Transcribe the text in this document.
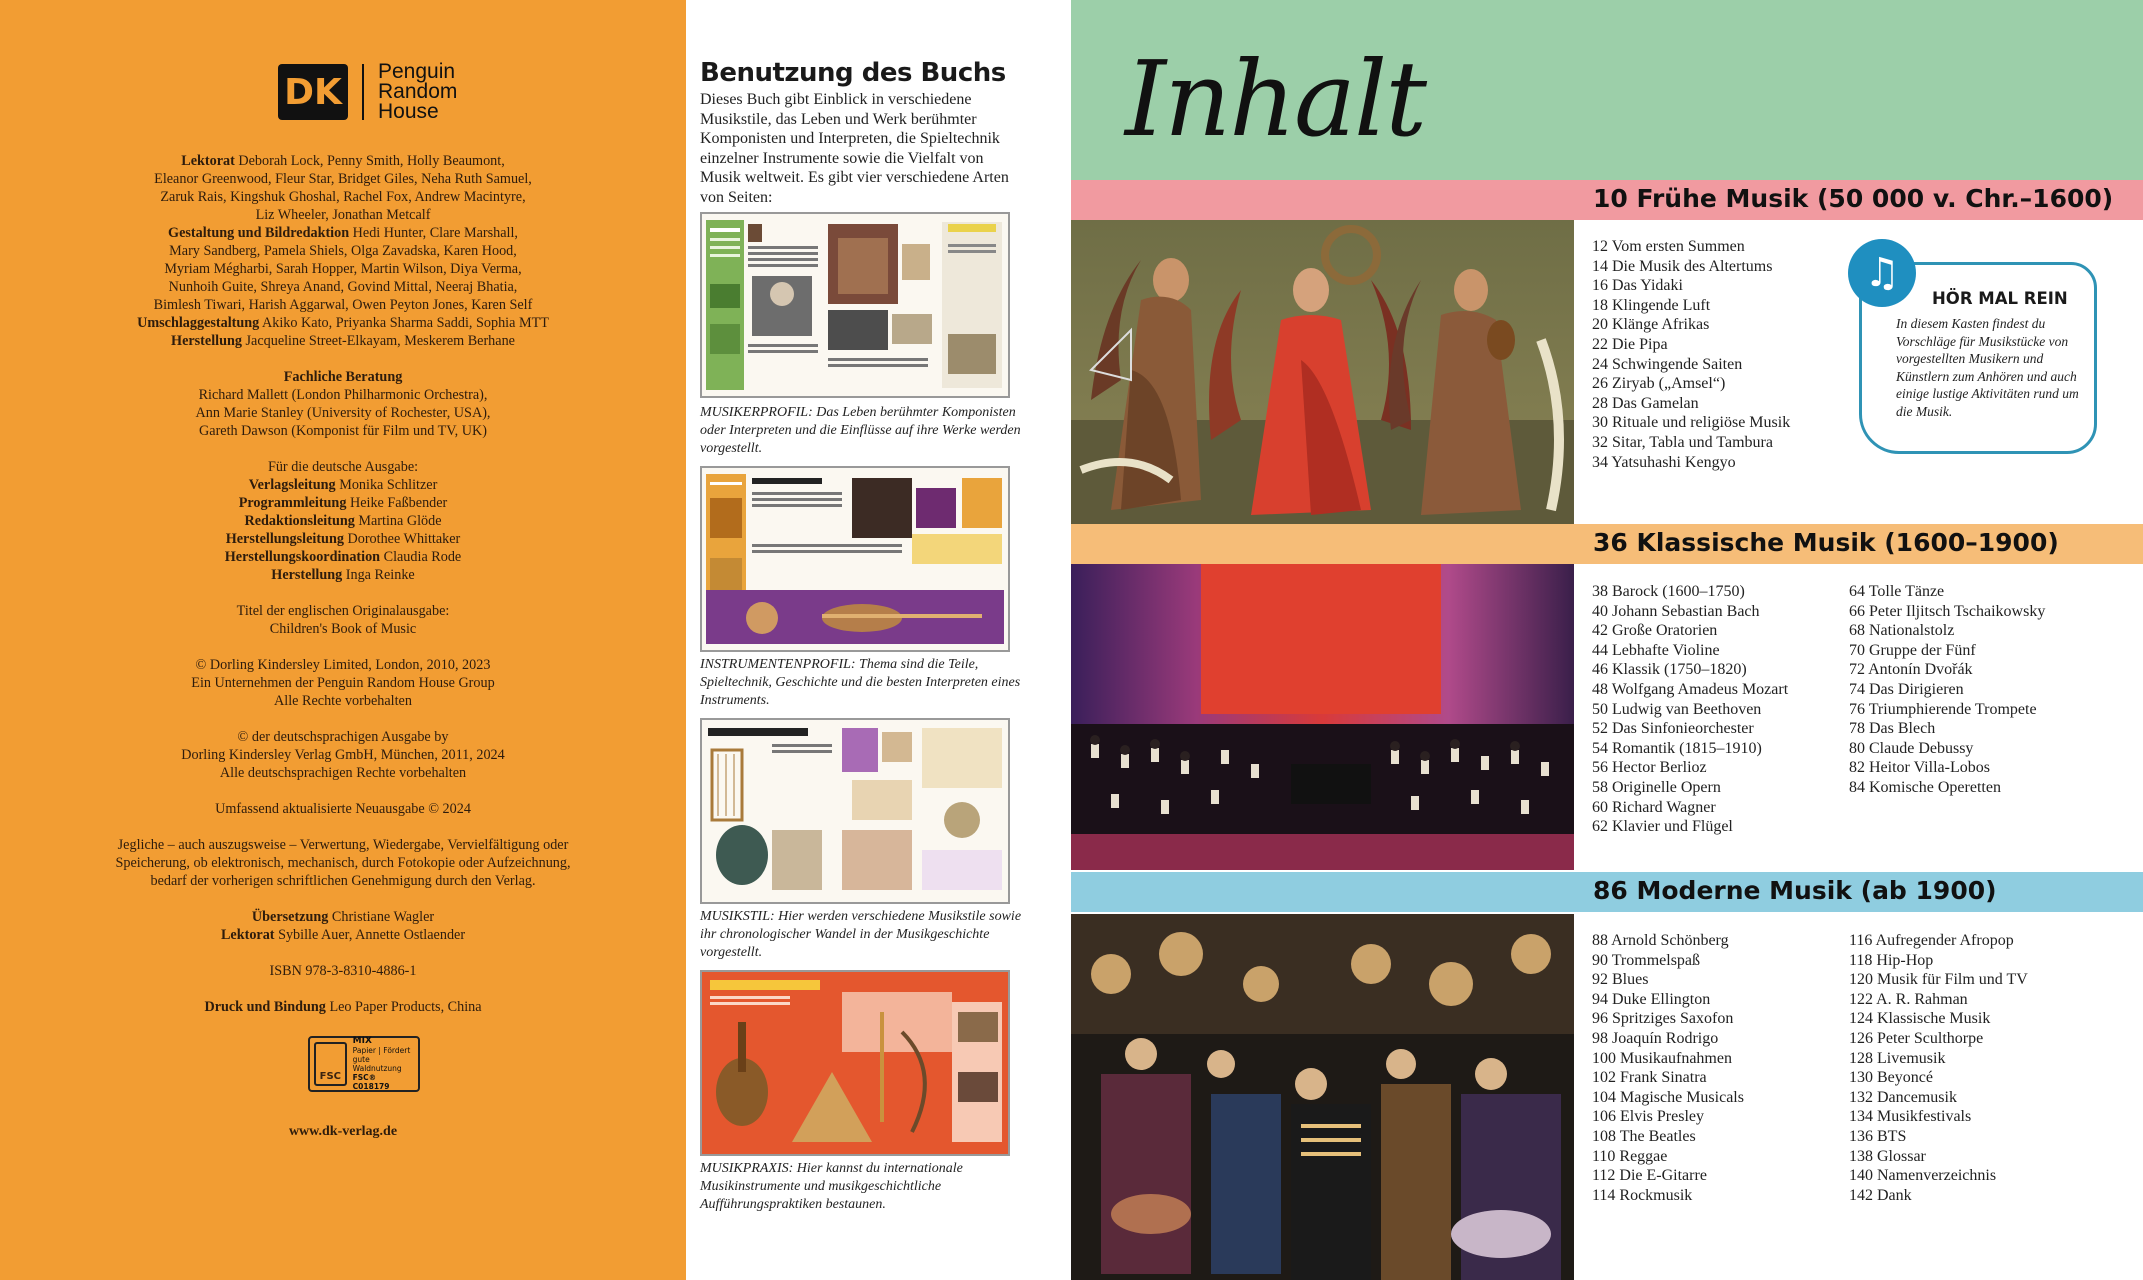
DK Penguin
Random
House

Lektorat Deborah Lock, Penny Smith, Holly Beaumont,
Eleanor Greenwood, Fleur Star, Bridget Giles, Neha Ruth Samuel,
Zaruk Rais, Kingshuk Ghoshal, Rachel Fox, Andrew Macintyre,
Liz Wheeler, Jonathan Metcalf
Gestaltung und Bildredaktion Hedi Hunter, Clare Marshall,
Mary Sandberg, Pamela Shiels, Olga Zavadska, Karen Hood,
Myriam Mégharbi, Sarah Hopper, Martin Wilson, Diya Verma,
Nunhoih Guite, Shreya Anand, Govind Mittal, Neeraj Bhatia,
Bimlesh Tiwari, Harish Aggarwal, Owen Peyton Jones, Karen Self
Umschlaggestaltung Akiko Kato, Priyanka Sharma Saddi, Sophia MTT
Herstellung Jacqueline Street-Elkayam, Meskerem Berhane

Fachliche Beratung
Richard Mallett (London Philharmonic Orchestra),
Ann Marie Stanley (University of Rochester, USA),
Gareth Dawson (Komponist für Film und TV, UK)

Für die deutsche Ausgabe:
Verlagsleitung Monika Schlitzer
Programmleitung Heike Faßbender
Redaktionsleitung Martina Glöde
Herstellungsleitung Dorothee Whittaker
Herstellungskoordination Claudia Rode
Herstellung Inga Reinke

Titel der englischen Originalausgabe:
Children's Book of Music

© Dorling Kindersley Limited, London, 2010, 2023
Ein Unternehmen der Penguin Random House Group
Alle Rechte vorbehalten

© der deutschsprachigen Ausgabe by
Dorling Kindersley Verlag GmbH, München, 2011, 2024
Alle deutschsprachigen Rechte vorbehalten

Umfassend aktualisierte Neuausgabe © 2024

Jegliche – auch auszugsweise – Verwertung, Wiedergabe, Vervielfältigung oder
Speicherung, ob elektronisch, mechanisch, durch Fotokopie oder Aufzeichnung,
bedarf der vorherigen schriftlichen Genehmigung durch den Verlag.

Übersetzung Christiane Wagler
Lektorat Sybille Auer, Annette Ostlaender

ISBN 978-3-8310-4886-1

Druck und Bindung Leo Paper Products, China

FSC
MIX
Papier | Fördert
gute Waldnutzung
FSC® C018179
www.dk-verlag.de
Benutzung des Buchs

Dieses Buch gibt Einblick in verschiedene Musikstile, das Leben und Werk berühmter Komponisten und Interpreten, die Spieltechnik einzelner Instrumente sowie die Vielfalt von Musik weltweit. Es gibt vier verschiedene Arten von Seiten:

MUSIKERPROFIL: Das Leben berühmter Komponisten oder Interpreten und die Einflüsse auf ihre Werke werden vorgestellt.
INSTRUMENTENPROFIL: Thema sind die Teile, Spieltechnik, Geschichte und die besten Interpreten eines Instruments.
MUSIKSTIL: Hier werden verschiedene Musikstile sowie ihr chronologischer Wandel in der Musikgeschichte vorgestellt.
MUSIKPRAXIS: Hier kannst du internationale Musikinstrumente und musikgeschichtliche Aufführungspraktiken bestaunen.
Inhalt
10 Frühe Musik (50 000 v. Chr.–1600)
12 Vom ersten Summen
14 Die Musik des Altertums
16 Das Yidaki
18 Klingende Luft
20 Klänge Afrikas
22 Die Pipa
24 Schwingende Saiten
26 Ziryab („Amsel“)
28 Das Gamelan
30 Rituale und religiöse Musik
32 Sitar, Tabla und Tambura
34 Yatsuhashi Kengyo
♫
HÖR MAL REIN
In diesem Kasten findest du Vorschläge für Musikstücke von vorgestellten Musikern und Künstlern zum Anhören und auch einige lustige Aktivitäten rund um die Musik.
36 Klassische Musik (1600–1900)
38 Barock (1600–1750)
40 Johann Sebastian Bach
42 Große Oratorien
44 Lebhafte Violine
46 Klassik (1750–1820)
48 Wolfgang Amadeus Mozart
50 Ludwig van Beethoven
52 Das Sinfonieorchester
54 Romantik (1815–1910)
56 Hector Berlioz
58 Originelle Opern
60 Richard Wagner
62 Klavier und Flügel
64 Tolle Tänze
66 Peter Iljitsch Tschaikowsky
68 Nationalstolz
70 Gruppe der Fünf
72 Antonín Dvořák
74 Das Dirigieren
76 Triumphierende Trompete
78 Das Blech
80 Claude Debussy
82 Heitor Villa-Lobos
84 Komische Operetten
86 Moderne Musik (ab 1900)
88 Arnold Schönberg
90 Trommelspaß
92 Blues
94 Duke Ellington
96 Spritziges Saxofon
98 Joaquín Rodrigo
100 Musikaufnahmen
102 Frank Sinatra
104 Magische Musicals
106 Elvis Presley
108 The Beatles
110 Reggae
112 Die E-Gitarre
114 Rockmusik
116 Aufregender Afropop
118 Hip-Hop
120 Musik für Film und TV
122 A. R. Rahman
124 Klassische Musik
126 Peter Sculthorpe
128 Livemusik
130 Beyoncé
132 Dancemusik
134 Musikfestivals
136 BTS
138 Glossar
140 Namenverzeichnis
142 Dank
